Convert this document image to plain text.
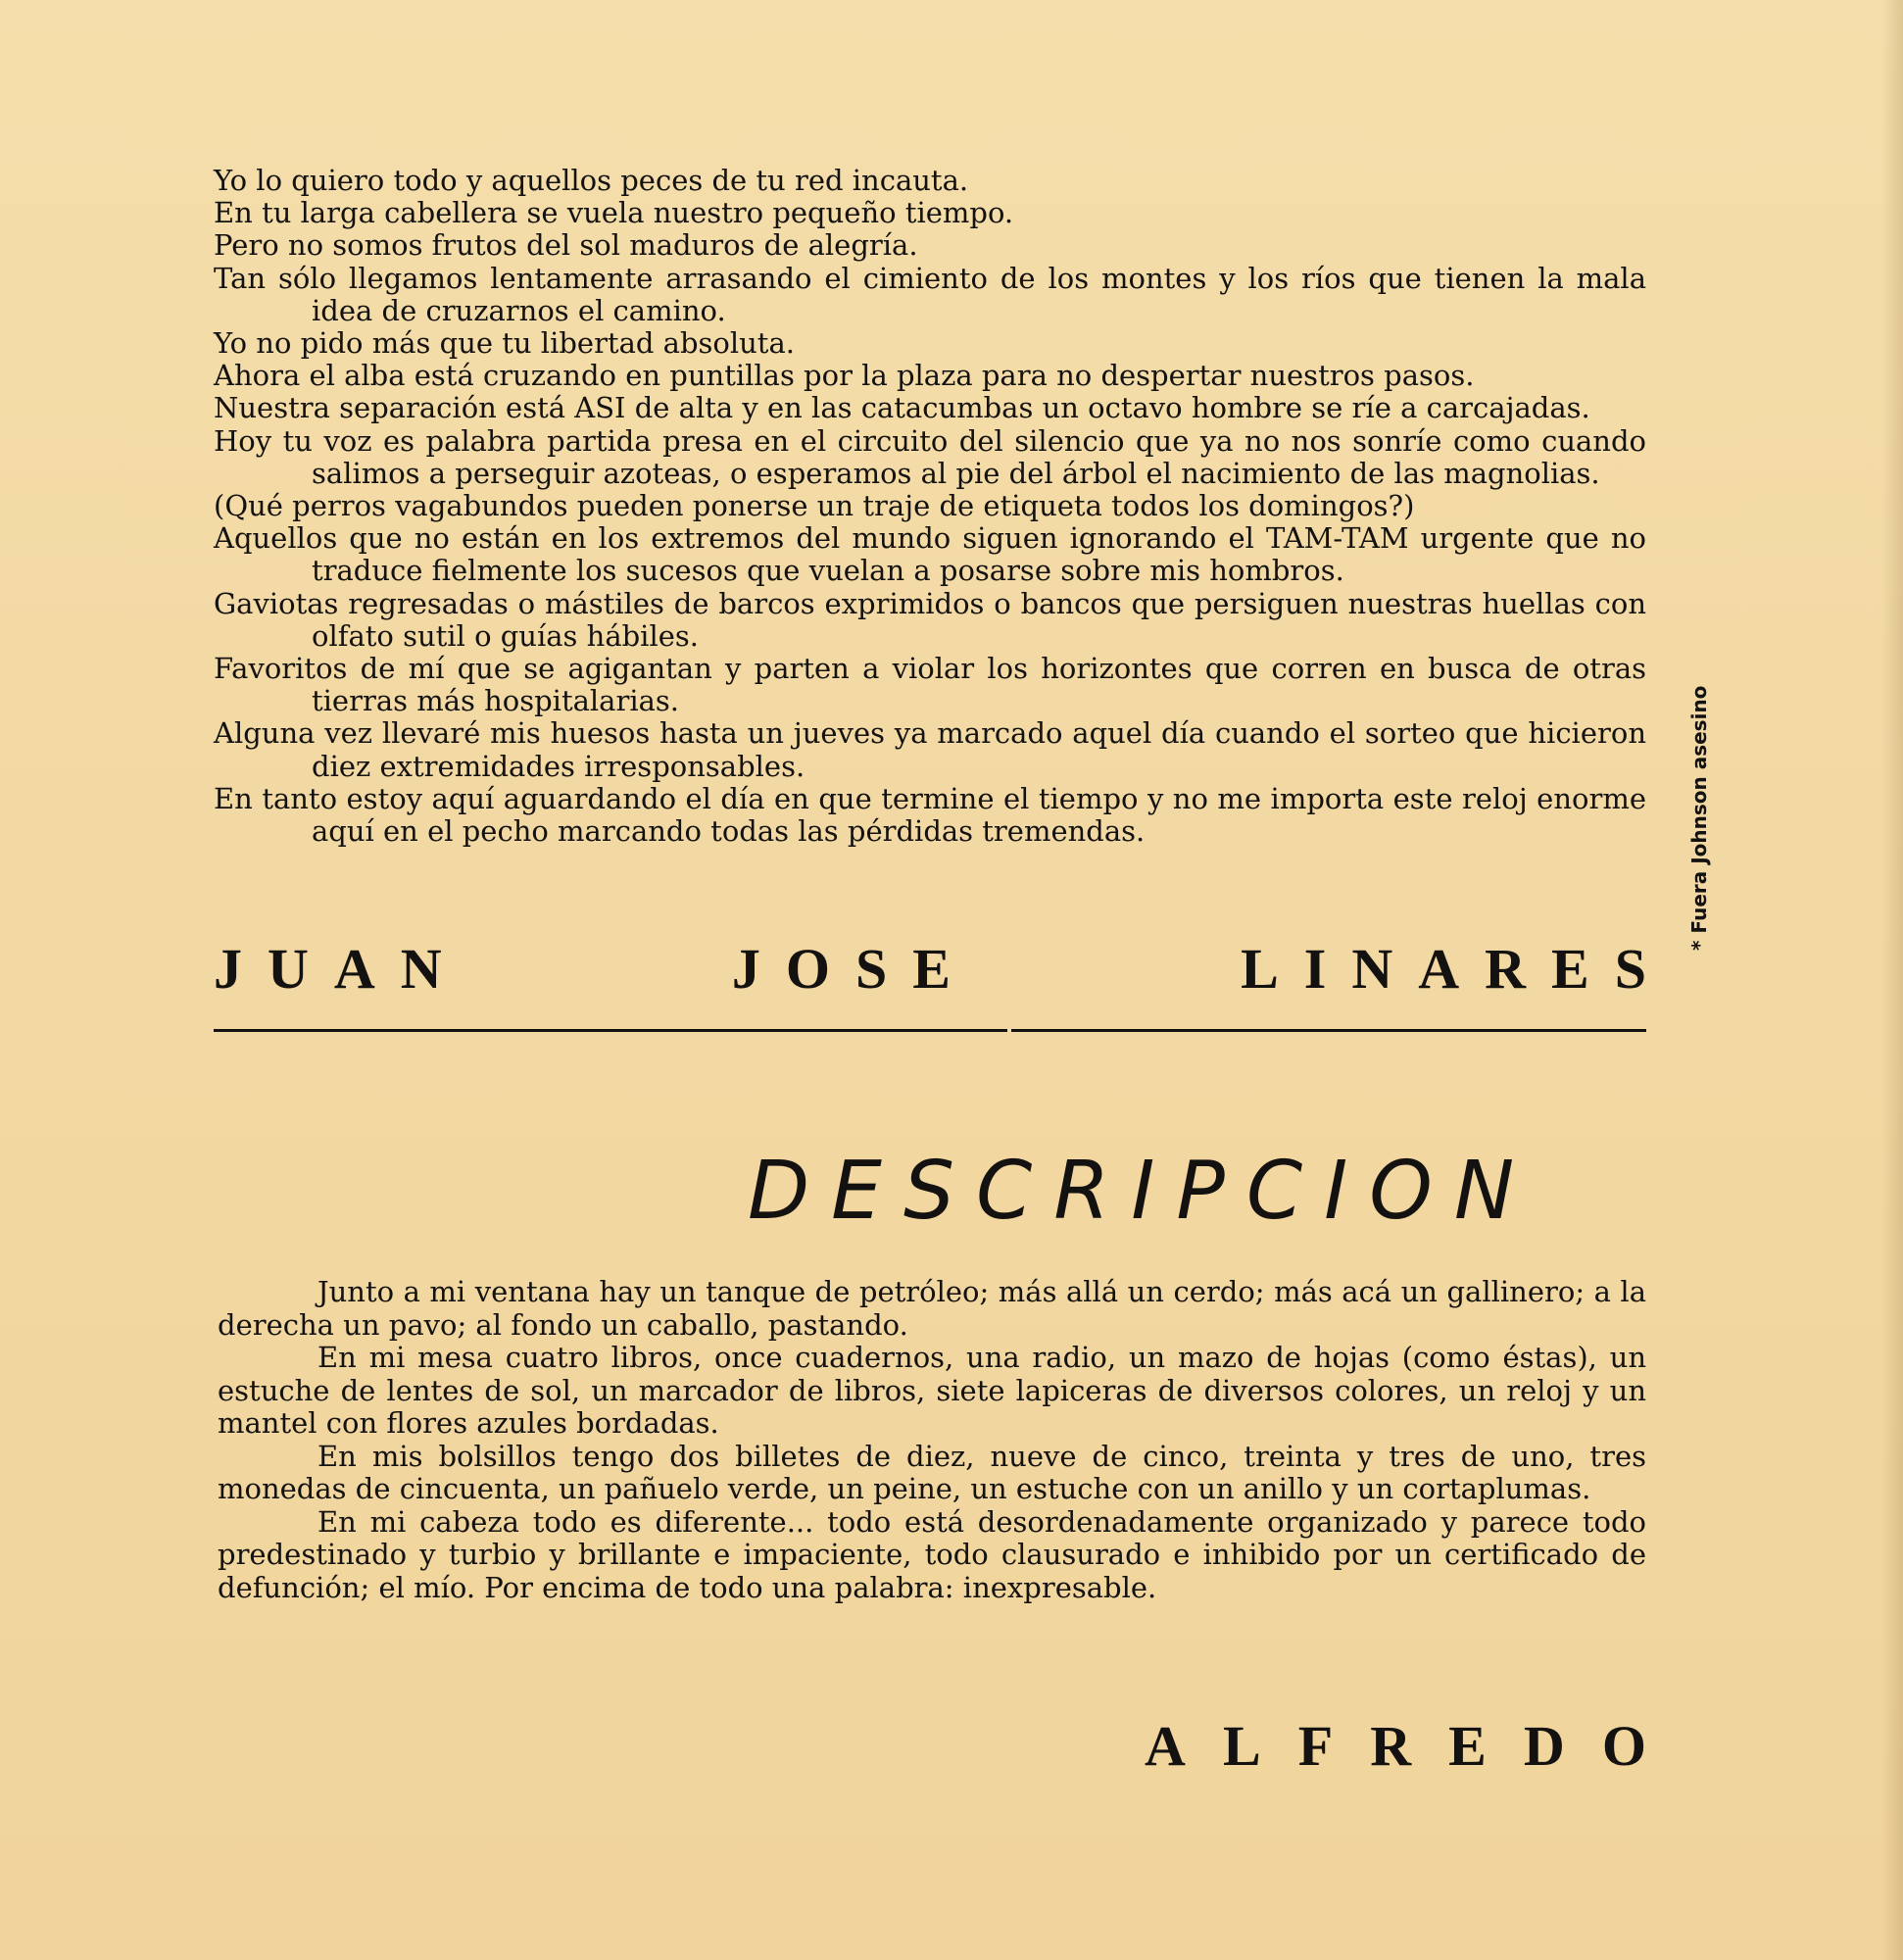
Yo lo quiero todo y aquellos peces de tu red incauta.
En tu larga cabellera se vuela nuestro pequeño tiempo.
Pero no somos frutos del sol maduros de alegría.
Tan sólo llegamos lentamente arrasando el cimiento de los montes y los ríos que tienen la mala idea de cruzarnos el camino.
Yo no pido más que tu libertad absoluta.
Ahora el alba está cruzando en puntillas por la plaza para no despertar nuestros pasos.
Nuestra separación está ASI de alta y en las catacumbas un octavo hombre se ríe a carcajadas.
Hoy tu voz es palabra partida presa en el circuito del silencio que ya no nos sonríe como cuando salimos a perseguir azoteas, o esperamos al pie del árbol el nacimiento de las magnolias.
(Qué perros vagabundos pueden ponerse un traje de etiqueta todos los domingos?)
Aquellos que no están en los extremos del mundo siguen ignorando el TAM-TAM urgente que no traduce fielmente los sucesos que vuelan a posarse sobre mis hombros.
Gaviotas regresadas o mástiles de barcos exprimidos o bancos que persiguen nuestras huellas con olfato sutil o guías hábiles.
Favoritos de mí que se agigantan y parten a violar los horizontes que corren en busca de otras tierras más hospitalarias.
Alguna vez llevaré mis huesos hasta un jueves ya marcado aquel día cuando el sorteo que hicieron diez extremidades irresponsables.
En tanto estoy aquí aguardando el día en que termine el tiempo y no me importa este reloj enorme aquí en el pecho marcando todas las pérdidas tremendas.
J U A N	J O S E	L I N A R E S
DESCRIPCION

Junto a mi ventana hay un tanque de petróleo; más allá un cerdo; más acá un gallinero; a la derecha un pavo; al fondo un caballo, pastando.

En mi mesa cuatro libros, once cuadernos, una radio, un mazo de hojas (como éstas), un estuche de lentes de sol, un marcador de libros, siete lapiceras de diversos colores, un reloj y un mantel con flores azules bordadas.

En mis bolsillos tengo dos billetes de diez, nueve de cinco, treinta y tres de uno, tres monedas de cincuenta, un pañuelo verde, un peine, un estuche con un anillo y un cortaplumas.

En mi cabeza todo es diferente... todo está desordenadamente organizado y parece todo predestinado y turbio y brillante e impaciente, todo clausurado e inhibido por un certificado de defunción; el mío. Por encima de todo una palabra: inexpresable.

A L F R E D O
* Fuera Johnson asesino
